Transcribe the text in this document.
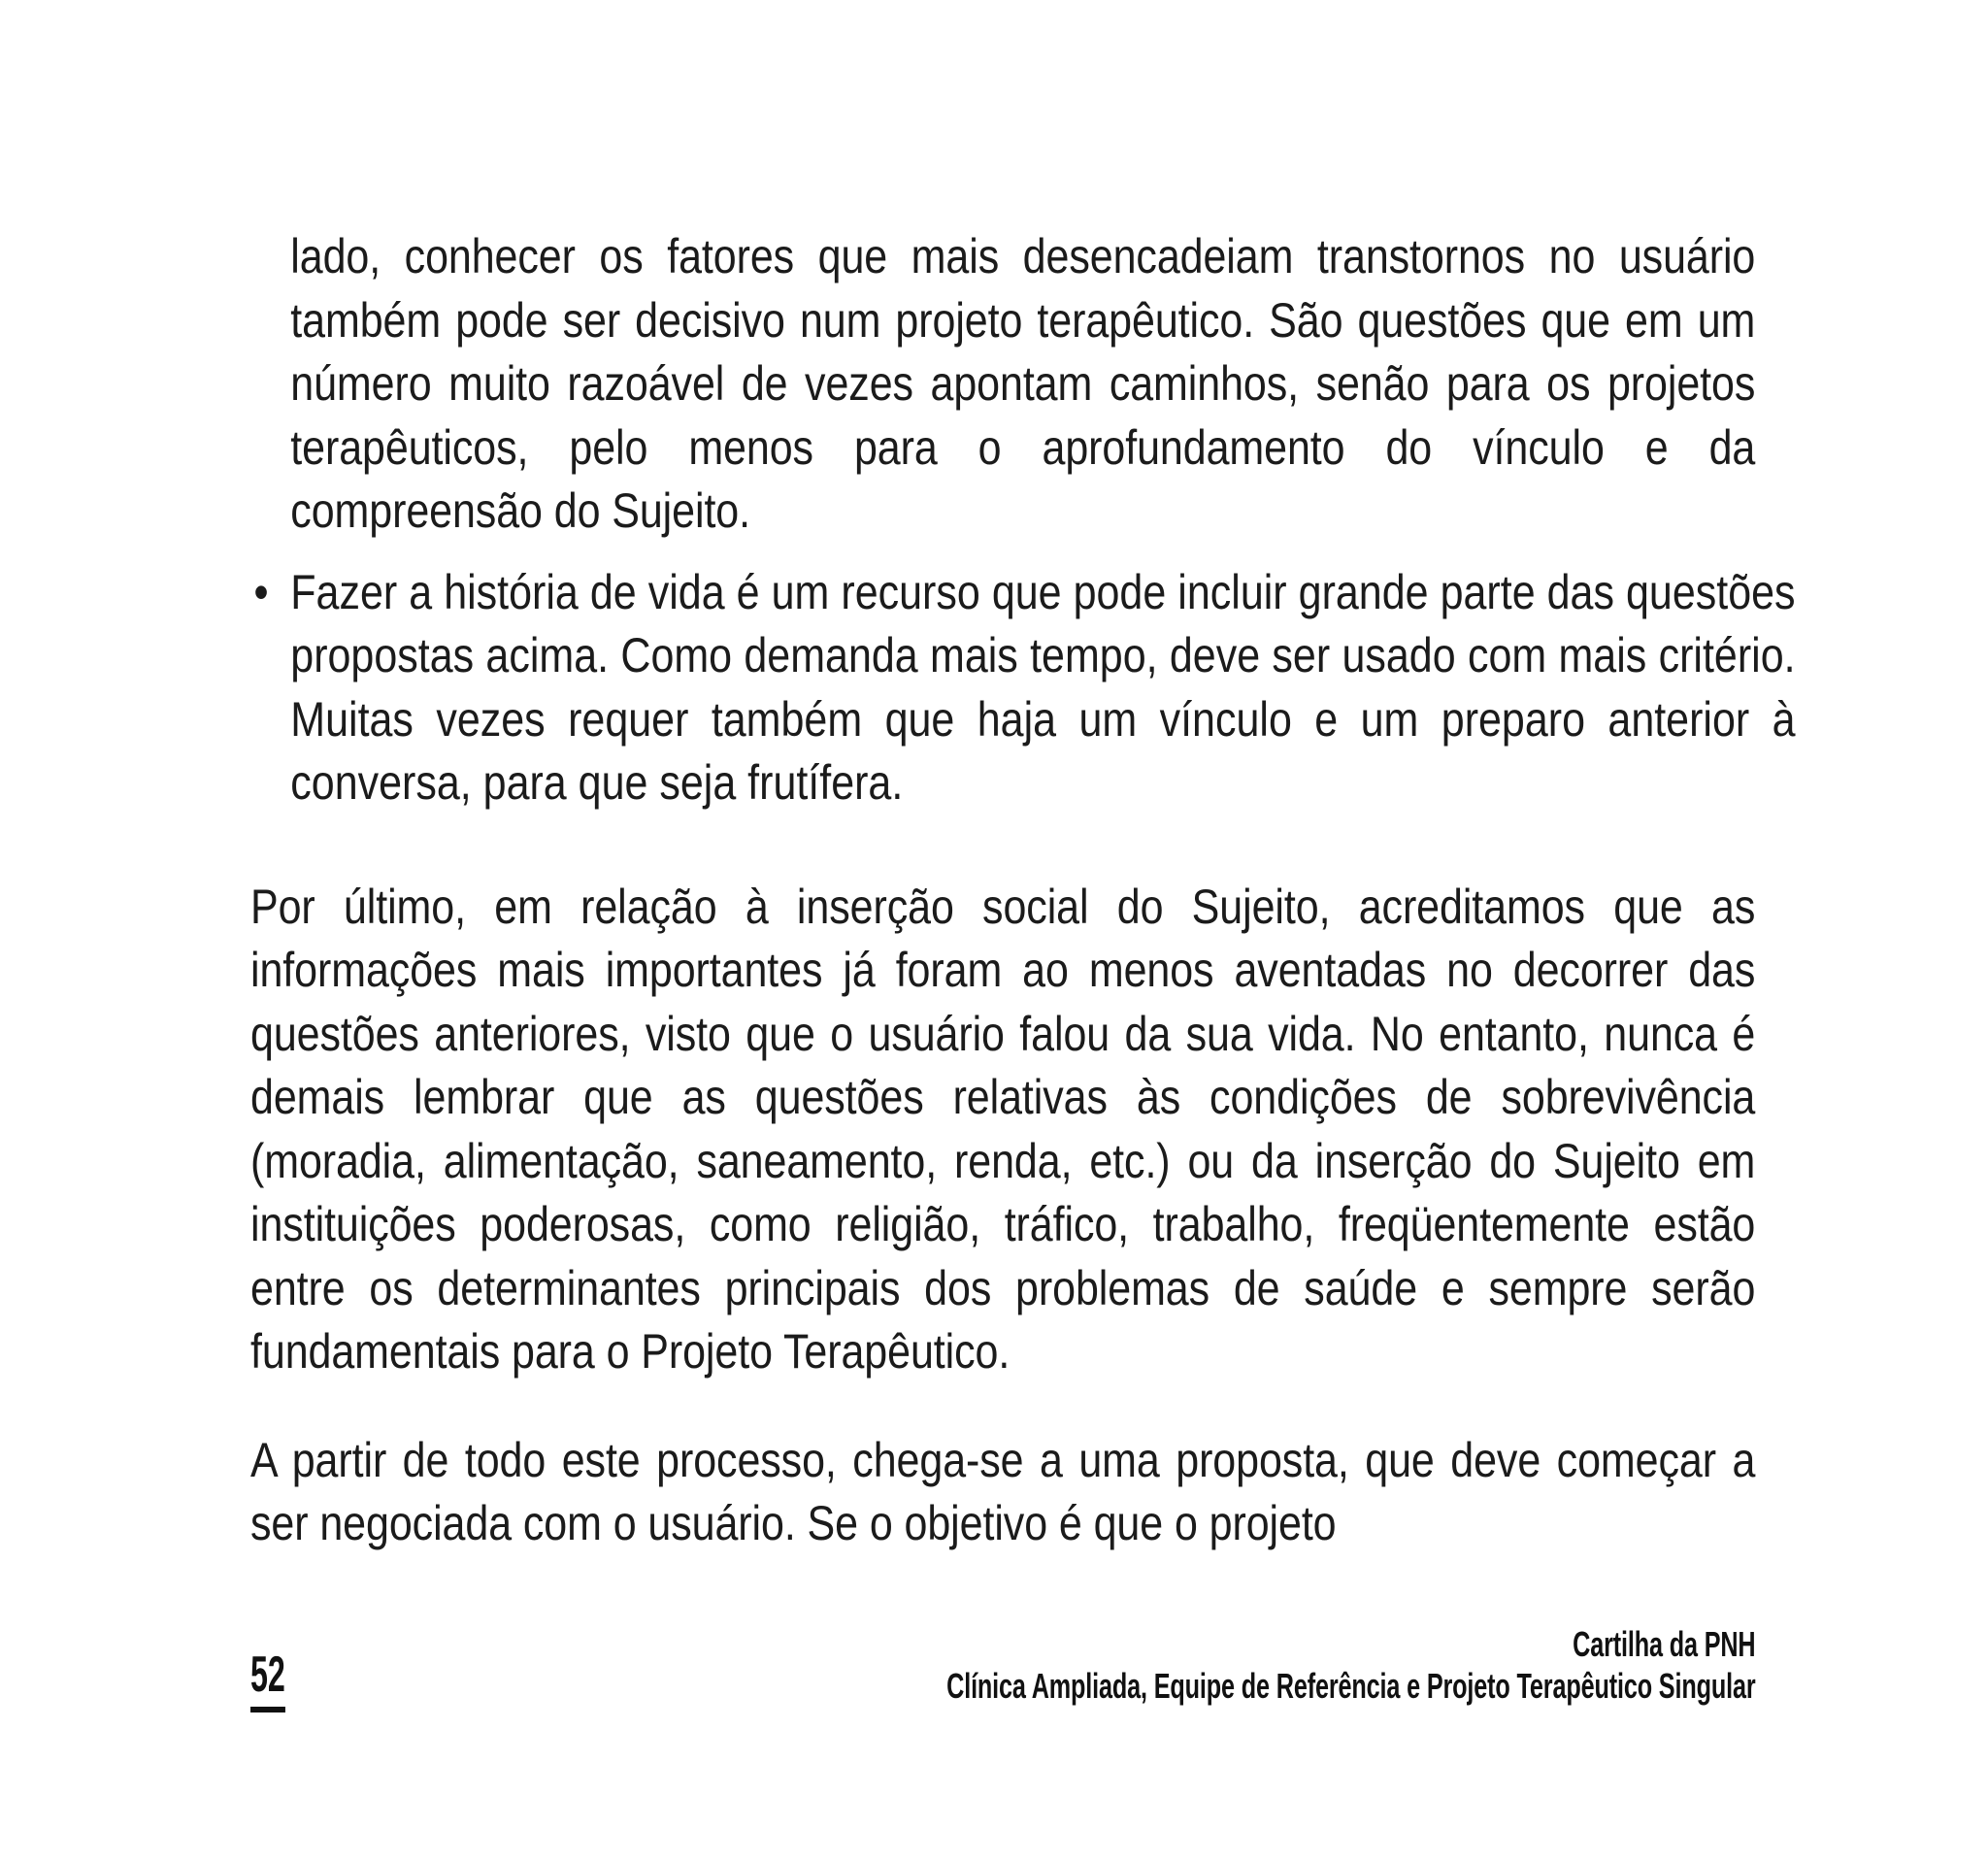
lado, conhecer os fatores que mais desencadeiam transtornos no usuário também pode ser decisivo num projeto terapêutico. São questões que em um número muito razoável de vezes apontam caminhos, senão para os projetos terapêuticos, pelo menos para o aprofundamento do vínculo e da compreensão do Sujeito.

• Fazer a história de vida é um recurso que pode incluir grande parte das questões propostas acima. Como demanda mais tempo, deve ser usado com mais critério. Muitas vezes requer também que haja um vínculo e um preparo anterior à conversa, para que seja frutífera.

Por último, em relação à inserção social do Sujeito, acreditamos que as informações mais importantes já foram ao menos aventadas no decorrer das questões anteriores, visto que o usuário falou da sua vida. No entanto, nunca é demais lembrar que as questões relativas às condições de sobrevivência (moradia, alimentação, saneamento, renda, etc.) ou da inserção do Sujeito em instituições poderosas, como religião, tráfico, trabalho, freqüentemente estão entre os determinantes principais dos problemas de saúde e sempre serão fundamentais para o Projeto Terapêutico.

A partir de todo este processo, chega-se a uma proposta, que deve começar a ser negociada com o usuário. Se o objetivo é que o projeto

52
Cartilha da PNH
Clínica Ampliada, Equipe de Referência e Projeto Terapêutico Singular
